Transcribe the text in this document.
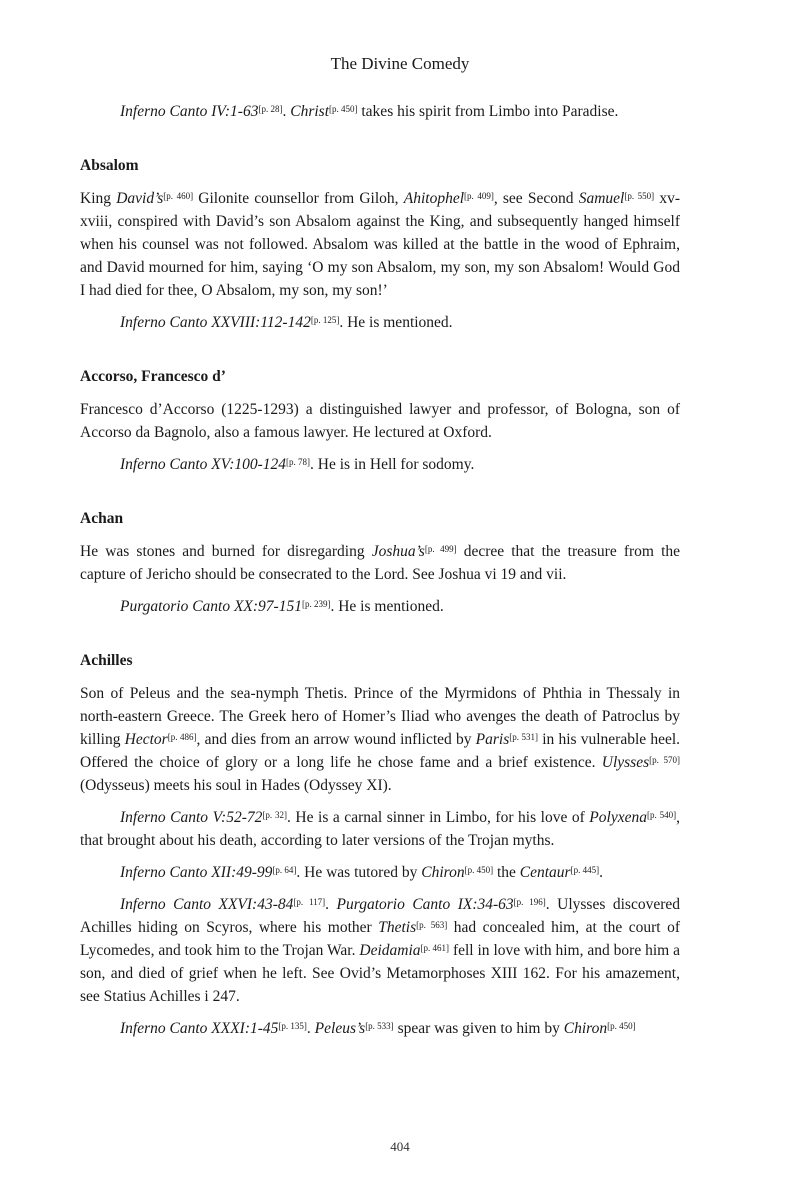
The Divine Comedy

Inferno Canto IV:1-63[p. 28]. Christ[p. 450] takes his spirit from Limbo into Paradise.

Absalom

King David’s[p. 460] Gilonite counsellor from Giloh, Ahitophel[p. 409], see Second Samuel[p. 550] xv-xviii, conspired with David’s son Absalom against the King, and subsequently hanged himself when his counsel was not followed. Absalom was killed at the battle in the wood of Ephraim, and David mourned for him, saying ‘O my son Absalom, my son, my son Absalom! Would God I had died for thee, O Absalom, my son, my son!’

Inferno Canto XXVIII:112-142[p. 125]. He is mentioned.

Accorso, Francesco d’

Francesco d’Accorso (1225-1293) a distinguished lawyer and professor, of Bologna, son of Accorso da Bagnolo, also a famous lawyer. He lectured at Oxford.

Inferno Canto XV:100-124[p. 78]. He is in Hell for sodomy.

Achan

He was stones and burned for disregarding Joshua’s[p. 499] decree that the treasure from the capture of Jericho should be consecrated to the Lord. See Joshua vi 19 and vii.

Purgatorio Canto XX:97-151[p. 239]. He is mentioned.

Achilles

Son of Peleus and the sea-nymph Thetis. Prince of the Myrmidons of Phthia in Thessaly in north-eastern Greece. The Greek hero of Homer’s Iliad who avenges the death of Patroclus by killing Hector[p. 486], and dies from an arrow wound inflicted by Paris[p. 531] in his vulnerable heel. Offered the choice of glory or a long life he chose fame and a brief existence. Ulysses[p. 570] (Odysseus) meets his soul in Hades (Odyssey XI).

Inferno Canto V:52-72[p. 32]. He is a carnal sinner in Limbo, for his love of Polyxena[p. 540], that brought about his death, according to later versions of the Trojan myths.

Inferno Canto XII:49-99[p. 64]. He was tutored by Chiron[p. 450] the Centaur[p. 445].

Inferno Canto XXVI:43-84[p. 117]. Purgatorio Canto IX:34-63[p. 196]. Ulysses discovered Achilles hiding on Scyros, where his mother Thetis[p. 563] had concealed him, at the court of Lycomedes, and took him to the Trojan War. Deidamia[p. 461] fell in love with him, and bore him a son, and died of grief when he left. See Ovid’s Metamorphoses XIII 162. For his amazement, see Statius Achilles i 247.

Inferno Canto XXXI:1-45[p. 135]. Peleus’s[p. 533] spear was given to him by Chiron[p. 450]

404
